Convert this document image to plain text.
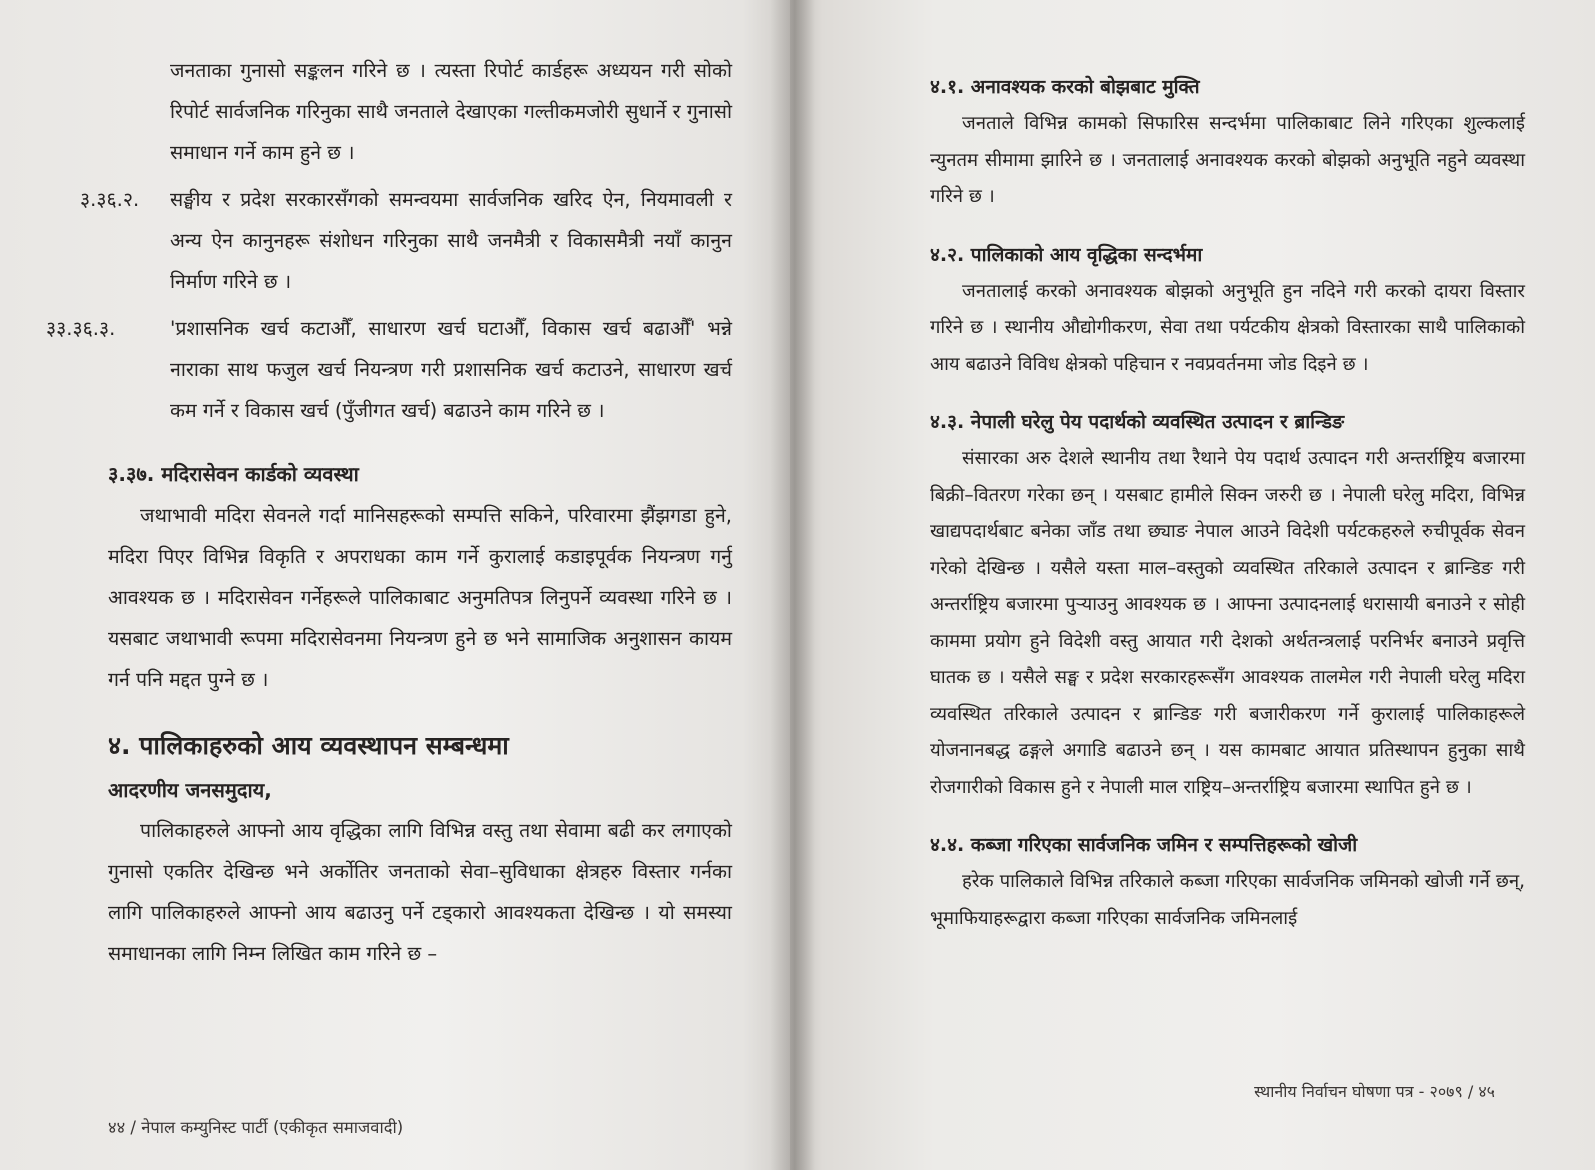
जनताका गुनासो सङ्कलन गरिने छ । त्यस्ता रिपोर्ट कार्डहरू अध्ययन गरी सोको रिपोर्ट सार्वजनिक गरिनुका साथै जनताले देखाएका गल्तीकमजोरी सुधार्ने र गुनासो समाधान गर्ने काम हुने छ ।

३.३६.२. सङ्घीय र प्रदेश सरकारसँगको समन्वयमा सार्वजनिक खरिद ऐन, नियमावली र अन्य ऐन कानुनहरू संशोधन गरिनुका साथै जनमैत्री र विकासमैत्री नयाँ कानुन निर्माण गरिने छ ।

३३.३६.३.	'प्रशासनिक खर्च कटाऔँ, साधारण खर्च घटाऔँ, विकास खर्च बढाऔँ' भन्ने नाराका साथ फजुल खर्च नियन्त्रण गरी प्रशासनिक खर्च कटाउने, साधारण खर्च कम गर्ने र विकास खर्च (पुँजीगत खर्च) बढाउने काम गरिने छ ।

३.३७. मदिरासेवन कार्डको व्यवस्था

जथाभावी मदिरा सेवनले गर्दा मानिसहरूको सम्पत्ति सकिने, परिवारमा झैंझगडा हुने, मदिरा पिएर विभिन्न विकृति र अपराधका काम गर्ने कुरालाई कडाइपूर्वक नियन्त्रण गर्नु आवश्यक छ । मदिरासेवन गर्नेहरूले पालिकाबाट अनुमतिपत्र लिनुपर्ने व्यवस्था गरिने छ । यसबाट जथाभावी रूपमा मदिरासेवनमा नियन्त्रण हुने छ भने सामाजिक अनुशासन कायम गर्न पनि मद्दत पुग्ने छ ।

४. पालिकाहरुको आय व्यवस्थापन सम्बन्धमा
आदरणीय जनसमुदाय,

पालिकाहरुले आफ्नो आय वृद्धिका लागि विभिन्न वस्तु तथा सेवामा बढी कर लगाएको गुनासो एकतिर देखिन्छ भने अर्कोतिर जनताको सेवा–सुविधाका क्षेत्रहरु विस्तार गर्नका लागि पालिकाहरुले आफ्नो आय बढाउनु पर्ने टड्कारो आवश्यकता देखिन्छ । यो समस्या समाधानका लागि निम्न लिखित काम गरिने छ –

४४ / नेपाल कम्युनिस्ट पार्टी (एकीकृत समाजवादी)
४.१. अनावश्यक करको बोझबाट मुक्ति

जनताले विभिन्न कामको सिफारिस सन्दर्भमा पालिकाबाट लिने गरिएका शुल्कलाई न्युनतम सीमामा झारिने छ । जनतालाई अनावश्यक करको बोझको अनुभूति नहुने व्यवस्था गरिने छ ।

४.२. पालिकाको आय वृद्धिका सन्दर्भमा

जनतालाई करको अनावश्यक बोझको अनुभूति हुन नदिने गरी करको दायरा विस्तार गरिने छ । स्थानीय औद्योगीकरण, सेवा तथा पर्यटकीय क्षेत्रको विस्तारका साथै पालिकाको आय बढाउने विविध क्षेत्रको पहिचान र नवप्रवर्तनमा जोड दिइने छ ।

४.३. नेपाली घरेलु पेय पदार्थको व्यवस्थित उत्पादन र ब्रान्डिङ

संसारका अरु देशले स्थानीय तथा रैथाने पेय पदार्थ उत्पादन गरी अन्तर्राष्ट्रिय बजारमा बिक्री–वितरण गरेका छन् । यसबाट हामीले सिक्न जरुरी छ । नेपाली घरेलु मदिरा, विभिन्न खाद्यपदार्थबाट बनेका जाँड तथा छ्याङ नेपाल आउने विदेशी पर्यटकहरुले रुचीपूर्वक सेवन गरेको देखिन्छ । यसैले यस्ता माल–वस्तुको व्यवस्थित तरिकाले उत्पादन र ब्रान्डिङ गरी अन्तर्राष्ट्रिय बजारमा पुर्‍याउनु आवश्यक छ । आफ्ना उत्पादनलाई धरासायी बनाउने र सोही काममा प्रयोग हुने विदेशी वस्तु आयात गरी देशको अर्थतन्त्रलाई परनिर्भर बनाउने प्रवृत्ति घातक छ । यसैले सङ्घ र प्रदेश सरकारहरूसँग आवश्यक तालमेल गरी नेपाली घरेलु मदिरा व्यवस्थित तरिकाले उत्पादन र ब्रान्डिङ गरी बजारीकरण गर्ने कुरालाई पालिकाहरूले योजनानबद्ध ढङ्गले अगाडि बढाउने छन् । यस कामबाट आयात प्रतिस्थापन हुनुका साथै रोजगारीको विकास हुने र नेपाली माल राष्ट्रिय–अन्तर्राष्ट्रिय बजारमा स्थापित हुने छ ।

४.४. कब्जा गरिएका सार्वजनिक जमिन र सम्पत्तिहरूको खोजी

हरेक पालिकाले विभिन्न तरिकाले कब्जा गरिएका सार्वजनिक जमिनको खोजी गर्ने छन्, भूमाफियाहरूद्वारा कब्जा गरिएका सार्वजनिक जमिनलाई

स्थानीय निर्वाचन घोषणा पत्र - २०७९ / ४५
